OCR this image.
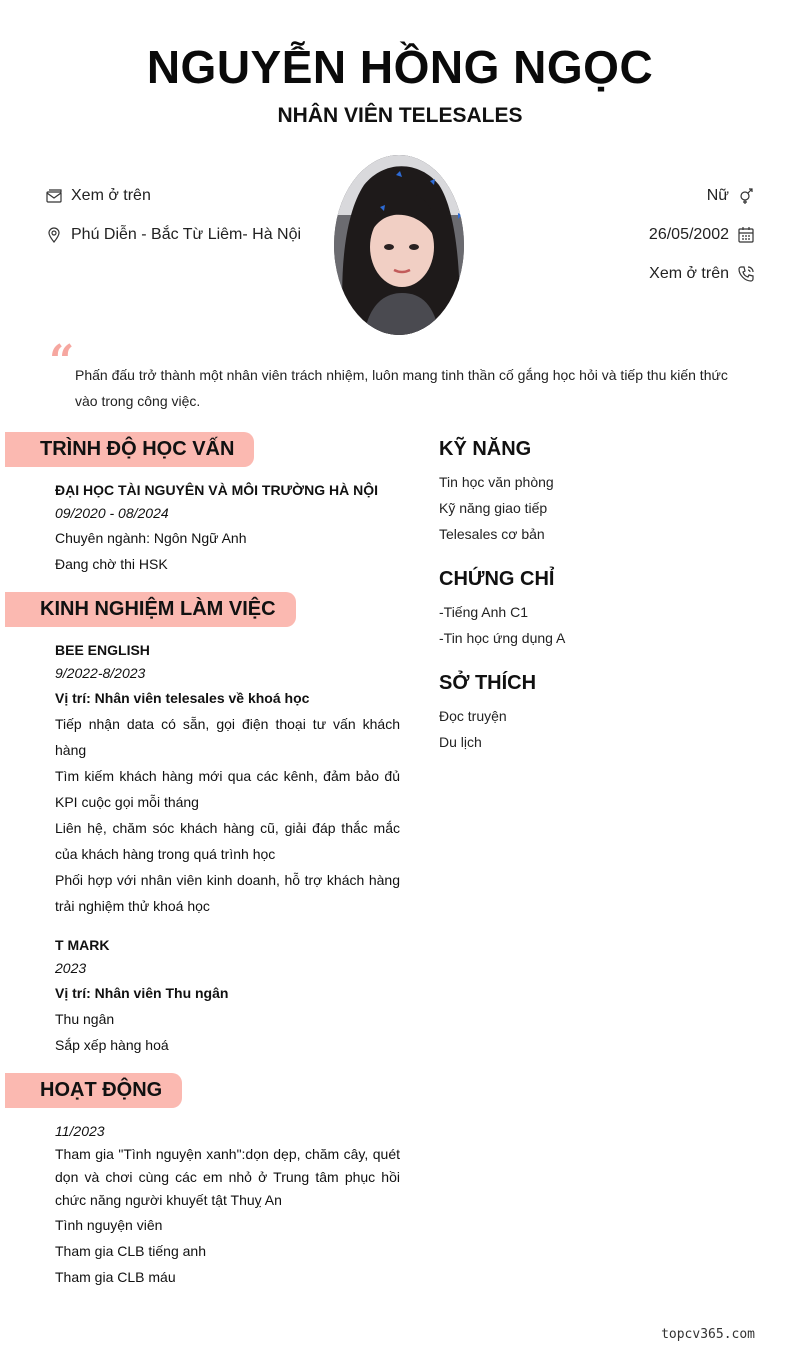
NGUYỄN HỒNG NGỌC
NHÂN VIÊN TELESALES
Xem ở trên
Phú Diễn - Bắc Từ Liêm- Hà Nội
Nữ
26/05/2002
Xem ở trên
“ Phấn đấu trở thành một nhân viên trách nhiệm, luôn mang tinh thần cố gắng học hỏi và tiếp thu kiến thức vào trong công việc.
TRÌNH ĐỘ HỌC VẤN
ĐẠI HỌC TÀI NGUYÊN VÀ MÔI TRƯỜNG HÀ NỘI
09/2020 - 08/2024
Chuyên ngành: Ngôn Ngữ Anh
Đang chờ thi HSK
KINH NGHIỆM LÀM VIỆC
BEE ENGLISH
9/2022-8/2023
Vị trí: Nhân viên telesales về khoá học
Tiếp nhận data có sẵn, gọi điện thoại tư vấn khách hàng
Tìm kiếm khách hàng mới qua các kênh, đảm bảo đủ KPI cuộc gọi mỗi tháng
Liên hệ, chăm sóc khách hàng cũ, giải đáp thắc mắc của khách hàng trong quá trình học
Phối hợp với nhân viên kinh doanh, hỗ trợ khách hàng trải nghiệm thử khoá học
T MARK
2023
Vị trí: Nhân viên Thu ngân
Thu ngân
Sắp xếp hàng hoá
HOẠT ĐỘNG
11/2023
Tham gia "Tình nguyện xanh":dọn dẹp, chăm cây, quét dọn và chơi cùng các em nhỏ ở Trung tâm phục hồi chức năng người khuyết tật Thuỵ An
Tình nguyện viên
Tham gia CLB tiếng anh
Tham gia CLB máu
KỸ NĂNG
Tin học văn phòng
Kỹ năng giao tiếp
Telesales cơ bản
CHỨNG CHỈ
-Tiếng Anh C1
-Tin học ứng dụng A
SỞ THÍCH
Đọc truyện
Du lịch
topcv365.com
